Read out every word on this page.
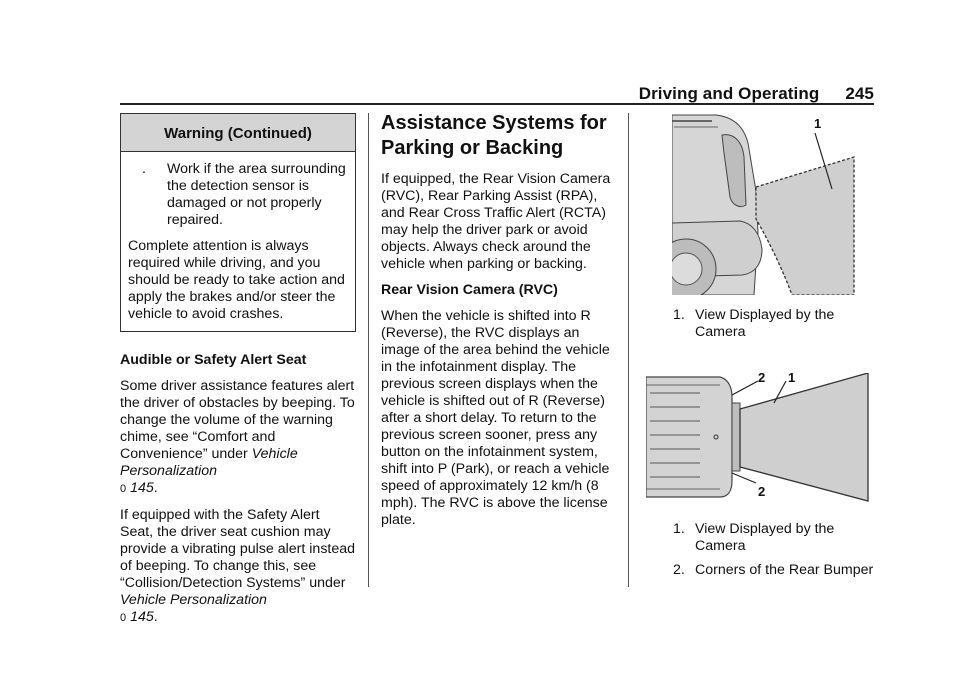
Driving and Operating 245
Warning (Continued)
.	Work if the area surrounding the detection sensor is damaged or not properly repaired.

Complete attention is always required while driving, and you should be ready to take action and apply the brakes and/or steer the vehicle to avoid crashes.

Audible or Safety Alert Seat

Some driver assistance features alert the driver of obstacles by beeping. To change the volume of the warning chime, see “Comfort and Convenience” under Vehicle Personalization
0 145.

If equipped with the Safety Alert Seat, the driver seat cushion may provide a vibrating pulse alert instead of beeping. To change this, see “Collision/Detection Systems” under Vehicle Personalization
0 145.

Assistance Systems for Parking or Backing

If equipped, the Rear Vision Camera (RVC), Rear Parking Assist (RPA), and Rear Cross Traffic Alert (RCTA) may help the driver park or avoid objects. Always check around the vehicle when parking or backing.

Rear Vision Camera (RVC)

When the vehicle is shifted into R (Reverse), the RVC displays an image of the area behind the vehicle in the infotainment display. The previous screen displays when the vehicle is shifted out of R (Reverse) after a short delay. To return to the previous screen sooner, press any button on the infotainment system, shift into P (Park), or reach a vehicle speed of approximately 12 km/h (8 mph). The RVC is above the license plate.

1
1. View Displayed by the Camera
2 1
2
1. View Displayed by the Camera
2. Corners of the Rear Bumper
